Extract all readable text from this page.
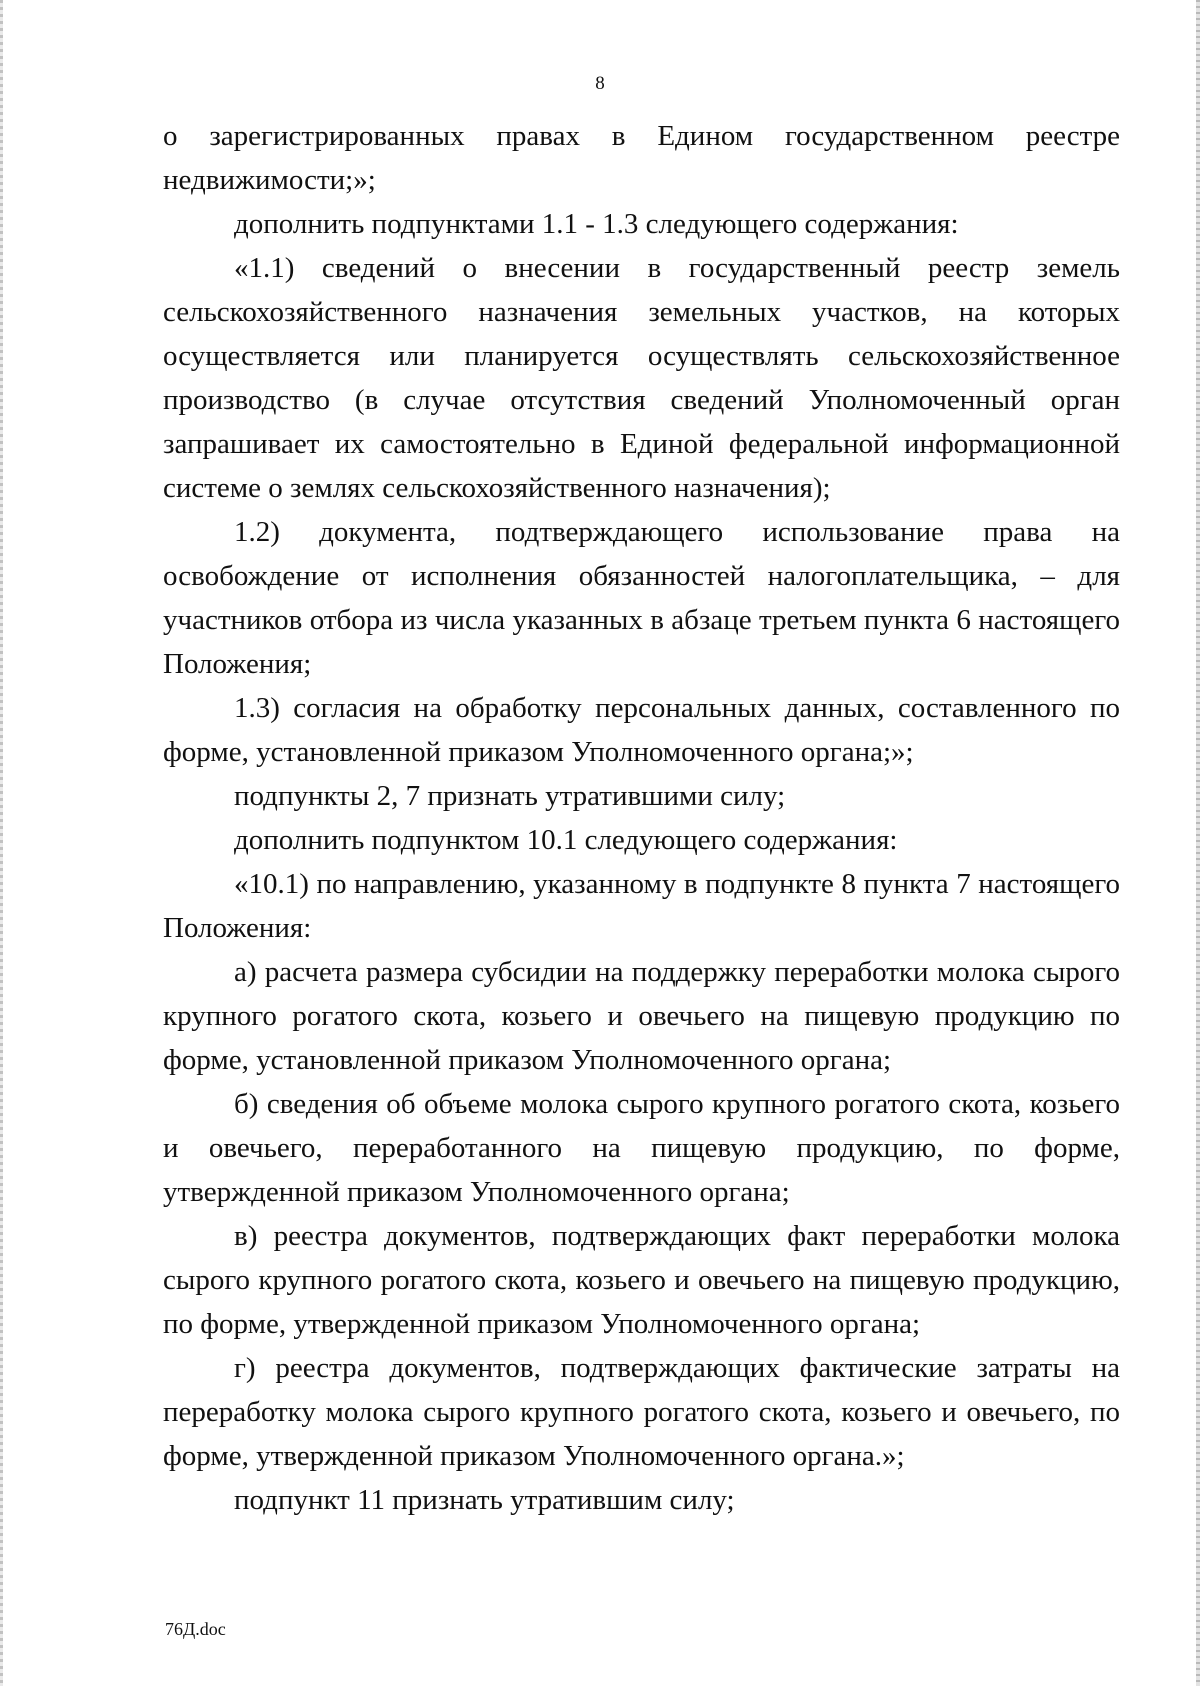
8

о зарегистрированных правах в Едином государственном реестре недвижимости;»;

дополнить подпунктами 1.1 - 1.3 следующего содержания:

«1.1) сведений о внесении в государственный реестр земель сельскохозяйственного назначения земельных участков, на которых осуществляется или планируется осуществлять сельскохозяйственное производство (в случае отсутствия сведений Уполномоченный орган запрашивает их самостоятельно в Единой федеральной информационной системе о землях сельскохозяйственного назначения);

1.2) документа, подтверждающего использование права на освобождение от исполнения обязанностей налогоплательщика, – для участников отбора из числа указанных в абзаце третьем пункта 6 настоящего Положения;

1.3) согласия на обработку персональных данных, составленного по форме, установленной приказом Уполномоченного органа;»;

подпункты 2, 7 признать утратившими силу;

дополнить подпунктом 10.1 следующего содержания:

«10.1) по направлению, указанному в подпункте 8 пункта 7 настоящего Положения:

а) расчета размера субсидии на поддержку переработки молока сырого крупного рогатого скота, козьего и овечьего на пищевую продукцию по форме, установленной приказом Уполномоченного органа;

б) сведения об объеме молока сырого крупного рогатого скота, козьего и овечьего, переработанного на пищевую продукцию, по форме, утвержденной приказом Уполномоченного органа;

в) реестра документов, подтверждающих факт переработки молока сырого крупного рогатого скота, козьего и овечьего на пищевую продукцию, по форме, утвержденной приказом Уполномоченного органа;

г) реестра документов, подтверждающих фактические затраты на переработку молока сырого крупного рогатого скота, козьего и овечьего, по форме, утвержденной приказом Уполномоченного органа.»;

подпункт 11 признать утратившим силу;

76Д.doc
